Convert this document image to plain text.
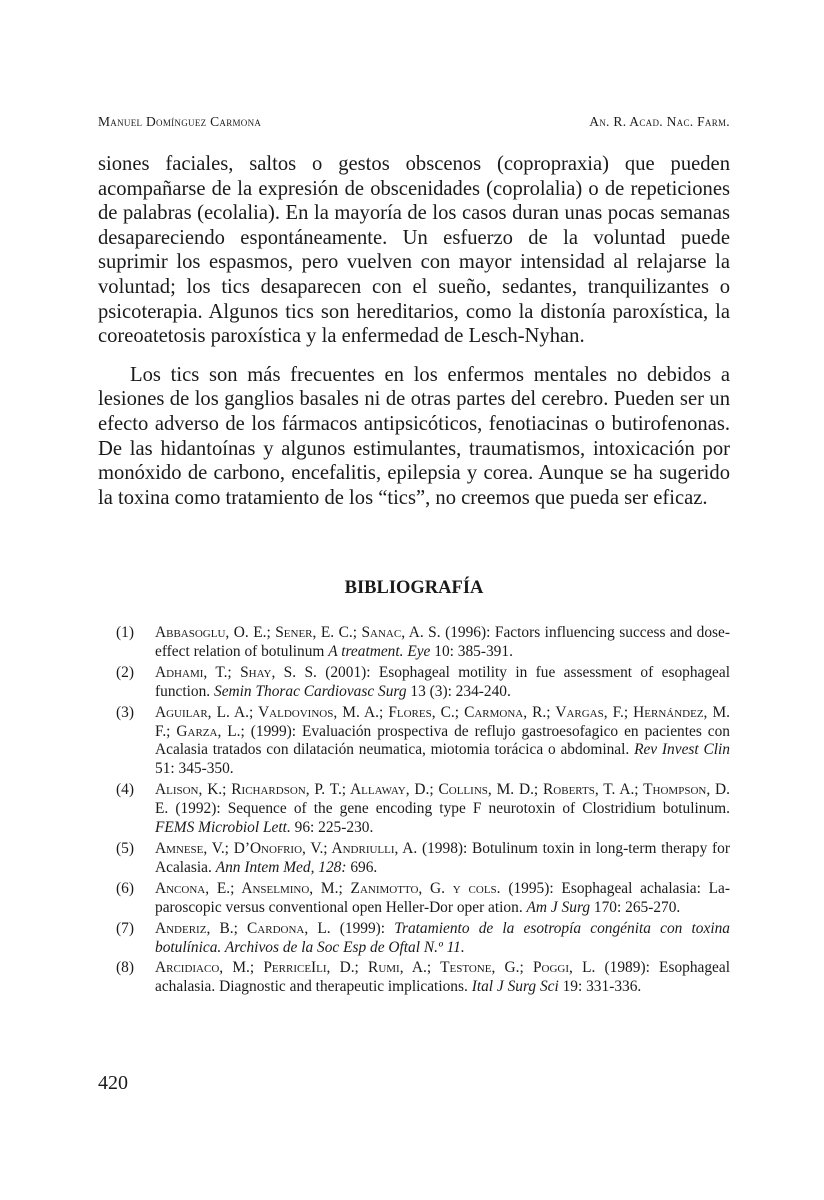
Manuel Domínguez Carmona	An. R. Acad. Nac. Farm.

siones faciales, saltos o gestos obscenos (copropraxia) que pueden acompañarse de la expresión de obscenidades (coprolalia) o de repeticiones de palabras (ecolalia). En la mayoría de los casos duran unas pocas semanas desapareciendo espontáneamente. Un esfuerzo de la voluntad puede suprimir los espasmos, pero vuelven con mayor intensidad al relajarse la voluntad; los tics desaparecen con el sueño, sedantes, tranquilizantes o psicoterapia. Algunos tics son hereditarios, como la distonía paroxística, la coreoatetosis paroxística y la enfermedad de Lesch-Nyhan.

Los tics son más frecuentes en los enfermos mentales no debidos a lesiones de los ganglios basales ni de otras partes del cerebro. Pueden ser un efecto adverso de los fármacos antipsicóticos, fenotiacinas o butirofenonas. De las hidantoínas y algunos estimulantes, traumatismos, intoxicación por monóxido de carbono, encefalitis, epilepsia y corea. Aunque se ha sugerido la toxina como tratamiento de los “tics”, no creemos que pueda ser eficaz.

BIBLIOGRAFÍA
(1)	Abbasoglu, O. E.; Sener, E. C.; Sanac, A. S. (1996): Factors influencing success and dose-effect relation of botulinum A treatment. Eye 10: 385-391.
(2)	Adhami, T.; Shay, S. S. (2001): Esophageal motility in fue assessment of esophageal function. Semin Thorac Cardiovasc Surg 13 (3): 234-240.
(3)	Aguilar, L. A.; Valdovinos, M. A.; Flores, C.; Carmona, R.; Vargas, F.; Hernández, M. F.; Garza, L.; (1999): Evaluación prospectiva de reflujo gastroesofagico en pacientes con Acalasia tratados con dilatación neumatica, miotomia torácica o abdominal. Rev Invest Clin 51: 345-350.
(4)	Alison, K.; Richardson, P. T.; Allaway, D.; Collins, M. D.; Roberts, T. A.; Thompson, D. E. (1992): Sequence of the gene encoding type F neurotoxin of Clostridium botulinum. FEMS Microbiol Lett. 96: 225-230.
(5)	Amnese, V.; D’Onofrio, V.; Andriulli, A. (1998): Botulinum toxin in long-term therapy for Acalasia. Ann Intem Med, 128: 696.
(6)	Ancona, E.; Anselmino, M.; Zanimotto, G. y cols. (1995): Esophageal achalasia: La-paroscopic versus conventional open Heller-Dor oper ation. Am J Surg 170: 265-270.
(7)	Anderiz, B.; Cardona, L. (1999): Tratamiento de la esotropía congénita con toxina botulínica. Archivos de la Soc Esp de Oftal N.º 11.
(8)	Arcidiaco, M.; PerriceIli, D.; Rumi, A.; Testone, G.; Poggi, L. (1989): Esophageal achalasia. Diagnostic and therapeutic implications. Ital J Surg Sci 19: 331-336.
420
